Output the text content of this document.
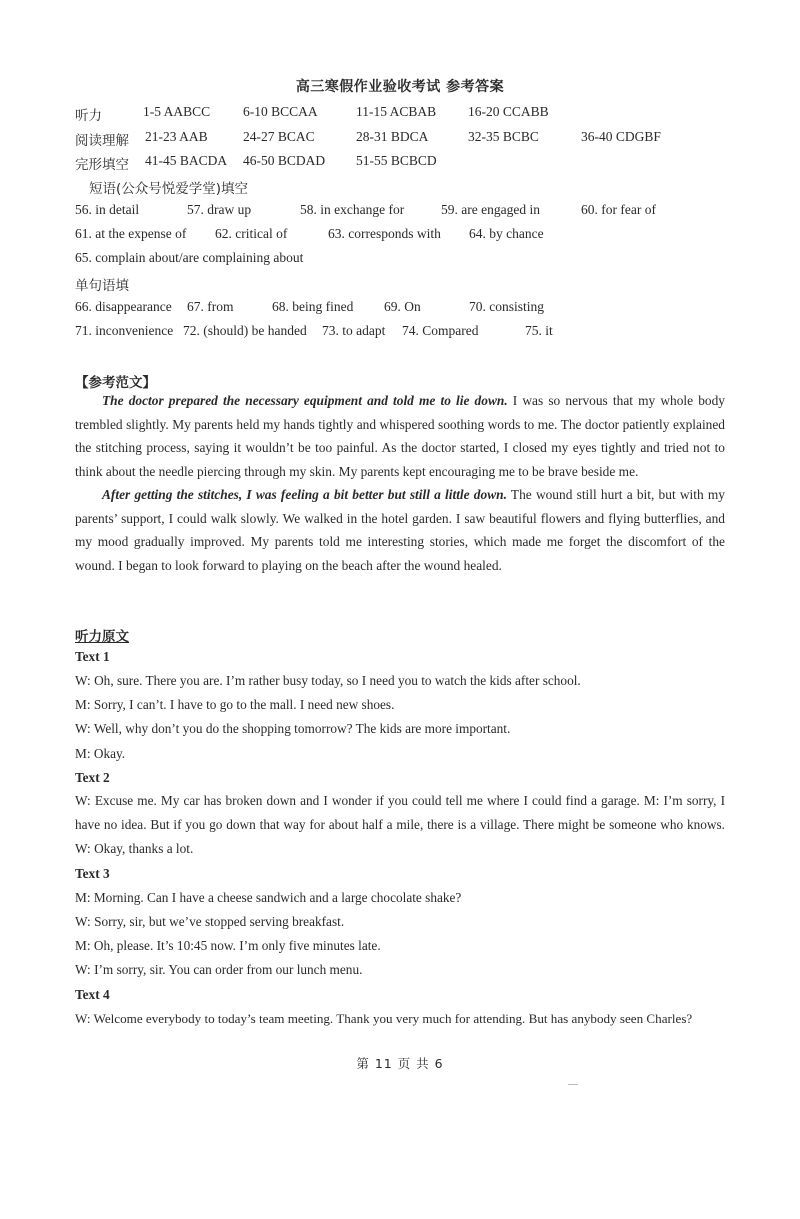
高三寒假作业验收考试 参考答案
听力	1-5 AABCC 6-10 BCCAA	11-15 ACBAB 16-20 CCABB
阅读理解 21-23 AAB	24-27 BCAC	28-31 BDCA	32-35 BCBC	36-40 CDGBF
完形填空 41-45 BACDA 46-50 BCDAD 51-55 BCBCD
短语(公众号悦爱学堂)填空
56. in detail	57. draw up	58. in exchange for	59. are engaged in	60. for fear of
61. at the expense of 62. critical of	63. corresponds with 64. by chance
65. complain about/are complaining about
单句语填
66. disappearance 67. from	68. being fined 69. On	70. consisting
71. inconvenience 72. (should) be handed 73. to adapt 74. Compared	75. it
【参考范文】

The doctor prepared the necessary equipment and told me to lie down. I was so nervous that my whole body trembled slightly. My parents held my hands tightly and whispered soothing words to me. The doctor patiently explained the stitching process, saying it wouldn’t be too painful. As the doctor started, I closed my eyes tightly and tried not to think about the needle piercing through my skin. My parents kept encouraging me to be brave beside me.

After getting the stitches, I was feeling a bit better but still a little down. The wound still hurt a bit, but with my parents’ support, I could walk slowly. We walked in the hotel garden. I saw beautiful flowers and flying butterflies, and my mood gradually improved. My parents told me interesting stories, which made me forget the discomfort of the wound. I began to look forward to playing on the beach after the wound healed.

听力原文
Text 1
W: Oh, sure. There you are. I’m rather busy today, so I need you to watch the kids after school.
M: Sorry, I can’t. I have to go to the mall. I need new shoes.
W: Well, why don’t you do the shopping tomorrow? The kids are more important.
M: Okay.
Text 2
W: Excuse me. My car has broken down and I wonder if you could tell me where I could find a garage. M: I’m sorry, I have no idea. But if you go down that way for about half a mile, there is a village. There might be someone who knows. W: Okay, thanks a lot.
Text 3
M: Morning. Can I have a cheese sandwich and a large chocolate shake?
W: Sorry, sir, but we’ve stopped serving breakfast.
M: Oh, please. It’s 10:45 now. I’m only five minutes late.
W: I’m sorry, sir. You can order from our lunch menu.
Text 4
W: Welcome everybody to today’s team meeting. Thank you very much for attending. But has anybody seen Charles?
第 11 页 共 6
